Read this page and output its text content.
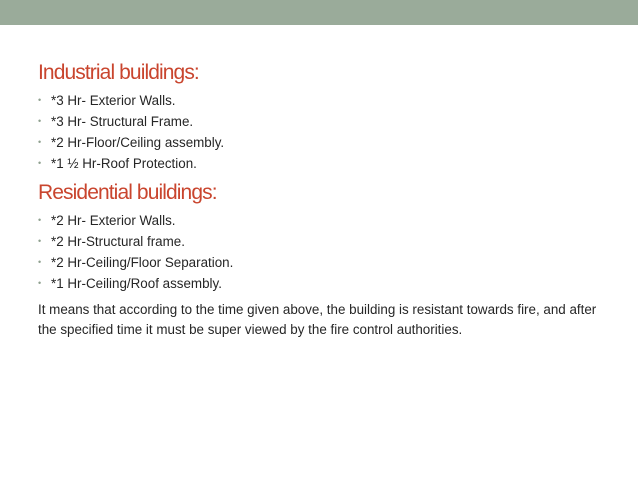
Industrial buildings:
• *3 Hr- Exterior Walls.
• *3 Hr- Structural Frame.
• *2 Hr-Floor/Ceiling assembly.
• *1 ½ Hr-Roof Protection.
Residential buildings:
• *2 Hr- Exterior Walls.
• *2 Hr-Structural frame.
• *2 Hr-Ceiling/Floor Separation.
• *1 Hr-Ceiling/Roof assembly.

It means that according to the time given above, the building is resistant towards fire, and after the specified time it must be super viewed by the fire control authorities.
